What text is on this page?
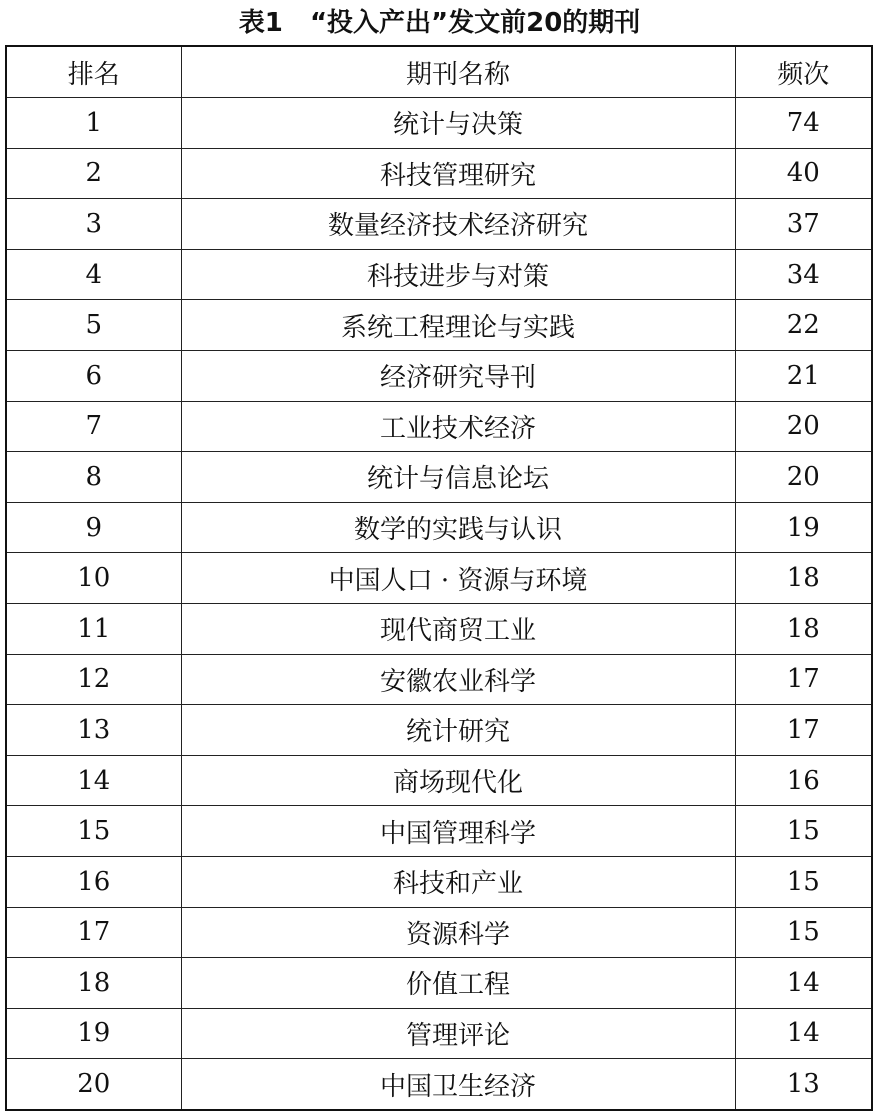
表1 “投入产出”发文前20的期刊
排名	期刊名称	频次
1	统计与决策	74
2	科技管理研究	40
3	数量经济技术经济研究	37
4	科技进步与对策	34
5	系统工程理论与实践	22
6	经济研究导刊	21
7	工业技术经济	20
8	统计与信息论坛	20
9	数学的实践与认识	19
10	中国人口 · 资源与环境	18
11	现代商贸工业	18
12	安徽农业科学	17
13	统计研究	17
14	商场现代化	16
15	中国管理科学	15
16	科技和产业	15
17	资源科学	15
18	价值工程	14
19	管理评论	14
20	中国卫生经济	13
